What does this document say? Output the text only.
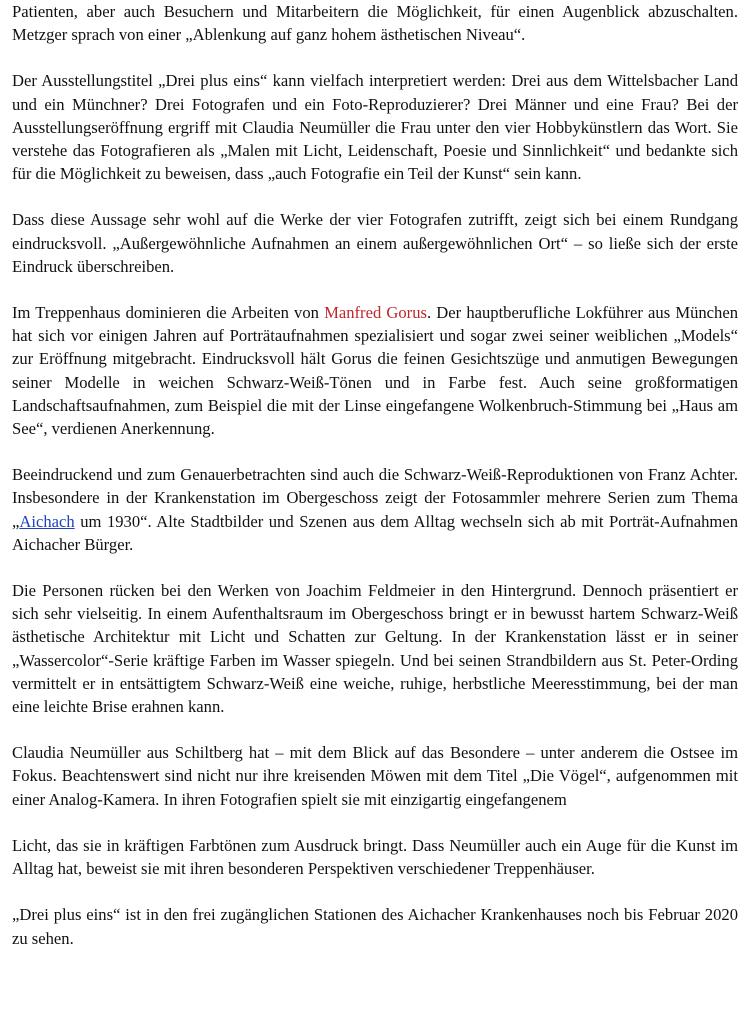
Patienten, aber auch Besuchern und Mitarbeitern die Möglichkeit, für einen Augenblick abzuschalten. Metzger sprach von einer „Ablenkung auf ganz hohem ästhetischen Niveau“.

Der Ausstellungstitel „Drei plus eins“ kann vielfach interpretiert werden: Drei aus dem Wittelsbacher Land und ein Münchner? Drei Fotografen und ein Foto-Reproduzierer? Drei Männer und eine Frau? Bei der Ausstellungseröffnung ergriff mit Claudia Neumüller die Frau unter den vier Hobbykünstlern das Wort. Sie verstehe das Fotografieren als „Malen mit Licht, Leidenschaft, Poesie und Sinnlichkeit“ und bedankte sich für die Möglichkeit zu beweisen, dass „auch Fotografie ein Teil der Kunst“ sein kann.

Dass diese Aussage sehr wohl auf die Werke der vier Fotografen zutrifft, zeigt sich bei einem Rundgang eindrucksvoll. „Außergewöhnliche Aufnahmen an einem außergewöhnlichen Ort“ – so ließe sich der erste Eindruck überschreiben.

Im Treppenhaus dominieren die Arbeiten von Manfred Gorus. Der hauptberufliche Lokführer aus München hat sich vor einigen Jahren auf Porträtaufnahmen spezialisiert und sogar zwei seiner weiblichen „Models“ zur Eröffnung mitgebracht. Eindrucksvoll hält Gorus die feinen Gesichtszüge und anmutigen Bewegungen seiner Modelle in weichen Schwarz-Weiß-Tönen und in Farbe fest. Auch seine großformatigen Landschaftsaufnahmen, zum Beispiel die mit der Linse eingefangene Wolkenbruch-Stimmung bei „Haus am See“, verdienen Anerkennung.

Beeindruckend und zum Genauerbetrachten sind auch die Schwarz-Weiß-Reproduktionen von Franz Achter. Insbesondere in der Krankenstation im Obergeschoss zeigt der Fotosammler mehrere Serien zum Thema „Aichach um 1930“. Alte Stadtbilder und Szenen aus dem Alltag wechseln sich ab mit Porträt-Aufnahmen Aichacher Bürger.

Die Personen rücken bei den Werken von Joachim Feldmeier in den Hintergrund. Dennoch präsentiert er sich sehr vielseitig. In einem Aufenthaltsraum im Obergeschoss bringt er in bewusst hartem Schwarz-Weiß ästhetische Architektur mit Licht und Schatten zur Geltung. In der Krankenstation lässt er in seiner „Wassercolor“-Serie kräftige Farben im Wasser spiegeln. Und bei seinen Strandbildern aus St. Peter-Ording vermittelt er in entsättigtem Schwarz-Weiß eine weiche, ruhige, herbstliche Meeresstimmung, bei der man eine leichte Brise erahnen kann.

Claudia Neumüller aus Schiltberg hat – mit dem Blick auf das Besondere – unter anderem die Ostsee im Fokus. Beachtenswert sind nicht nur ihre kreisenden Möwen mit dem Titel „Die Vögel“, aufgenommen mit einer Analog-Kamera. In ihren Fotografien spielt sie mit einzigartig eingefangenem

Licht, das sie in kräftigen Farbtönen zum Ausdruck bringt. Dass Neumüller auch ein Auge für die Kunst im Alltag hat, beweist sie mit ihren besonderen Perspektiven verschiedener Treppenhäuser.

„Drei plus eins“ ist in den frei zugänglichen Stationen des Aichacher Krankenhauses noch bis Februar 2020 zu sehen.
